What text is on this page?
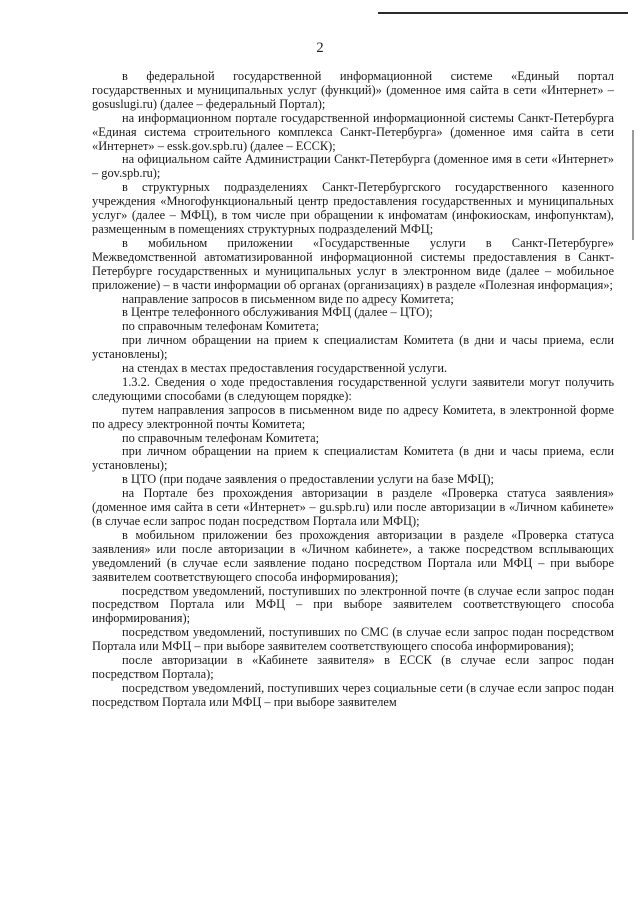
2

в федеральной государственной информационной системе «Единый портал государственных и муниципальных услуг (функций)» (доменное имя сайта в сети «Интернет» – gosuslugi.ru) (далее – федеральный Портал);

на информационном портале государственной информационной системы Санкт-Петербурга «Единая система строительного комплекса Санкт-Петербурга» (доменное имя сайта в сети «Интернет» – essk.gov.spb.ru) (далее – ЕССК);

на официальном сайте Администрации Санкт-Петербурга (доменное имя в сети «Интернет» – gov.spb.ru);

в структурных подразделениях Санкт-Петербургского государственного казенного учреждения «Многофункциональный центр предоставления государственных и муниципальных услуг» (далее – МФЦ), в том числе при обращении к инфоматам (инфокиоскам, инфопунктам), размещенным в помещениях структурных подразделений МФЦ;

в мобильном приложении «Государственные услуги в Санкт-Петербурге» Межведомственной автоматизированной информационной системы предоставления в Санкт-Петербурге государственных и муниципальных услуг в электронном виде (далее – мобильное приложение) – в части информации об органах (организациях) в разделе «Полезная информация»;

направление запросов в письменном виде по адресу Комитета;

в Центре телефонного обслуживания МФЦ (далее – ЦТО);

по справочным телефонам Комитета;

при личном обращении на прием к специалистам Комитета (в дни и часы приема, если установлены);

на стендах в местах предоставления государственной услуги.

1.3.2. Сведения о ходе предоставления государственной услуги заявители могут получить следующими способами (в следующем порядке):

путем направления запросов в письменном виде по адресу Комитета, в электронной форме по адресу электронной почты Комитета;

по справочным телефонам Комитета;

при личном обращении на прием к специалистам Комитета (в дни и часы приема, если установлены);

в ЦТО (при подаче заявления о предоставлении услуги на базе МФЦ);

на Портале без прохождения авторизации в разделе «Проверка статуса заявления» (доменное имя сайта в сети «Интернет» – gu.spb.ru) или после авторизации в «Личном кабинете» (в случае если запрос подан посредством Портала или МФЦ);

в мобильном приложении без прохождения авторизации в разделе «Проверка статуса заявления» или после авторизации в «Личном кабинете», а также посредством всплывающих уведомлений (в случае если заявление подано посредством Портала или МФЦ – при выборе заявителем соответствующего способа информирования);

посредством уведомлений, поступивших по электронной почте (в случае если запрос подан посредством Портала или МФЦ – при выборе заявителем соответствующего способа информирования);

посредством уведомлений, поступивших по СМС (в случае если запрос подан посредством Портала или МФЦ – при выборе заявителем соответствующего способа информирования);

после авторизации в «Кабинете заявителя» в ЕССК (в случае если запрос подан посредством Портала);

посредством уведомлений, поступивших через социальные сети (в случае если запрос подан посредством Портала или МФЦ – при выборе заявителем
